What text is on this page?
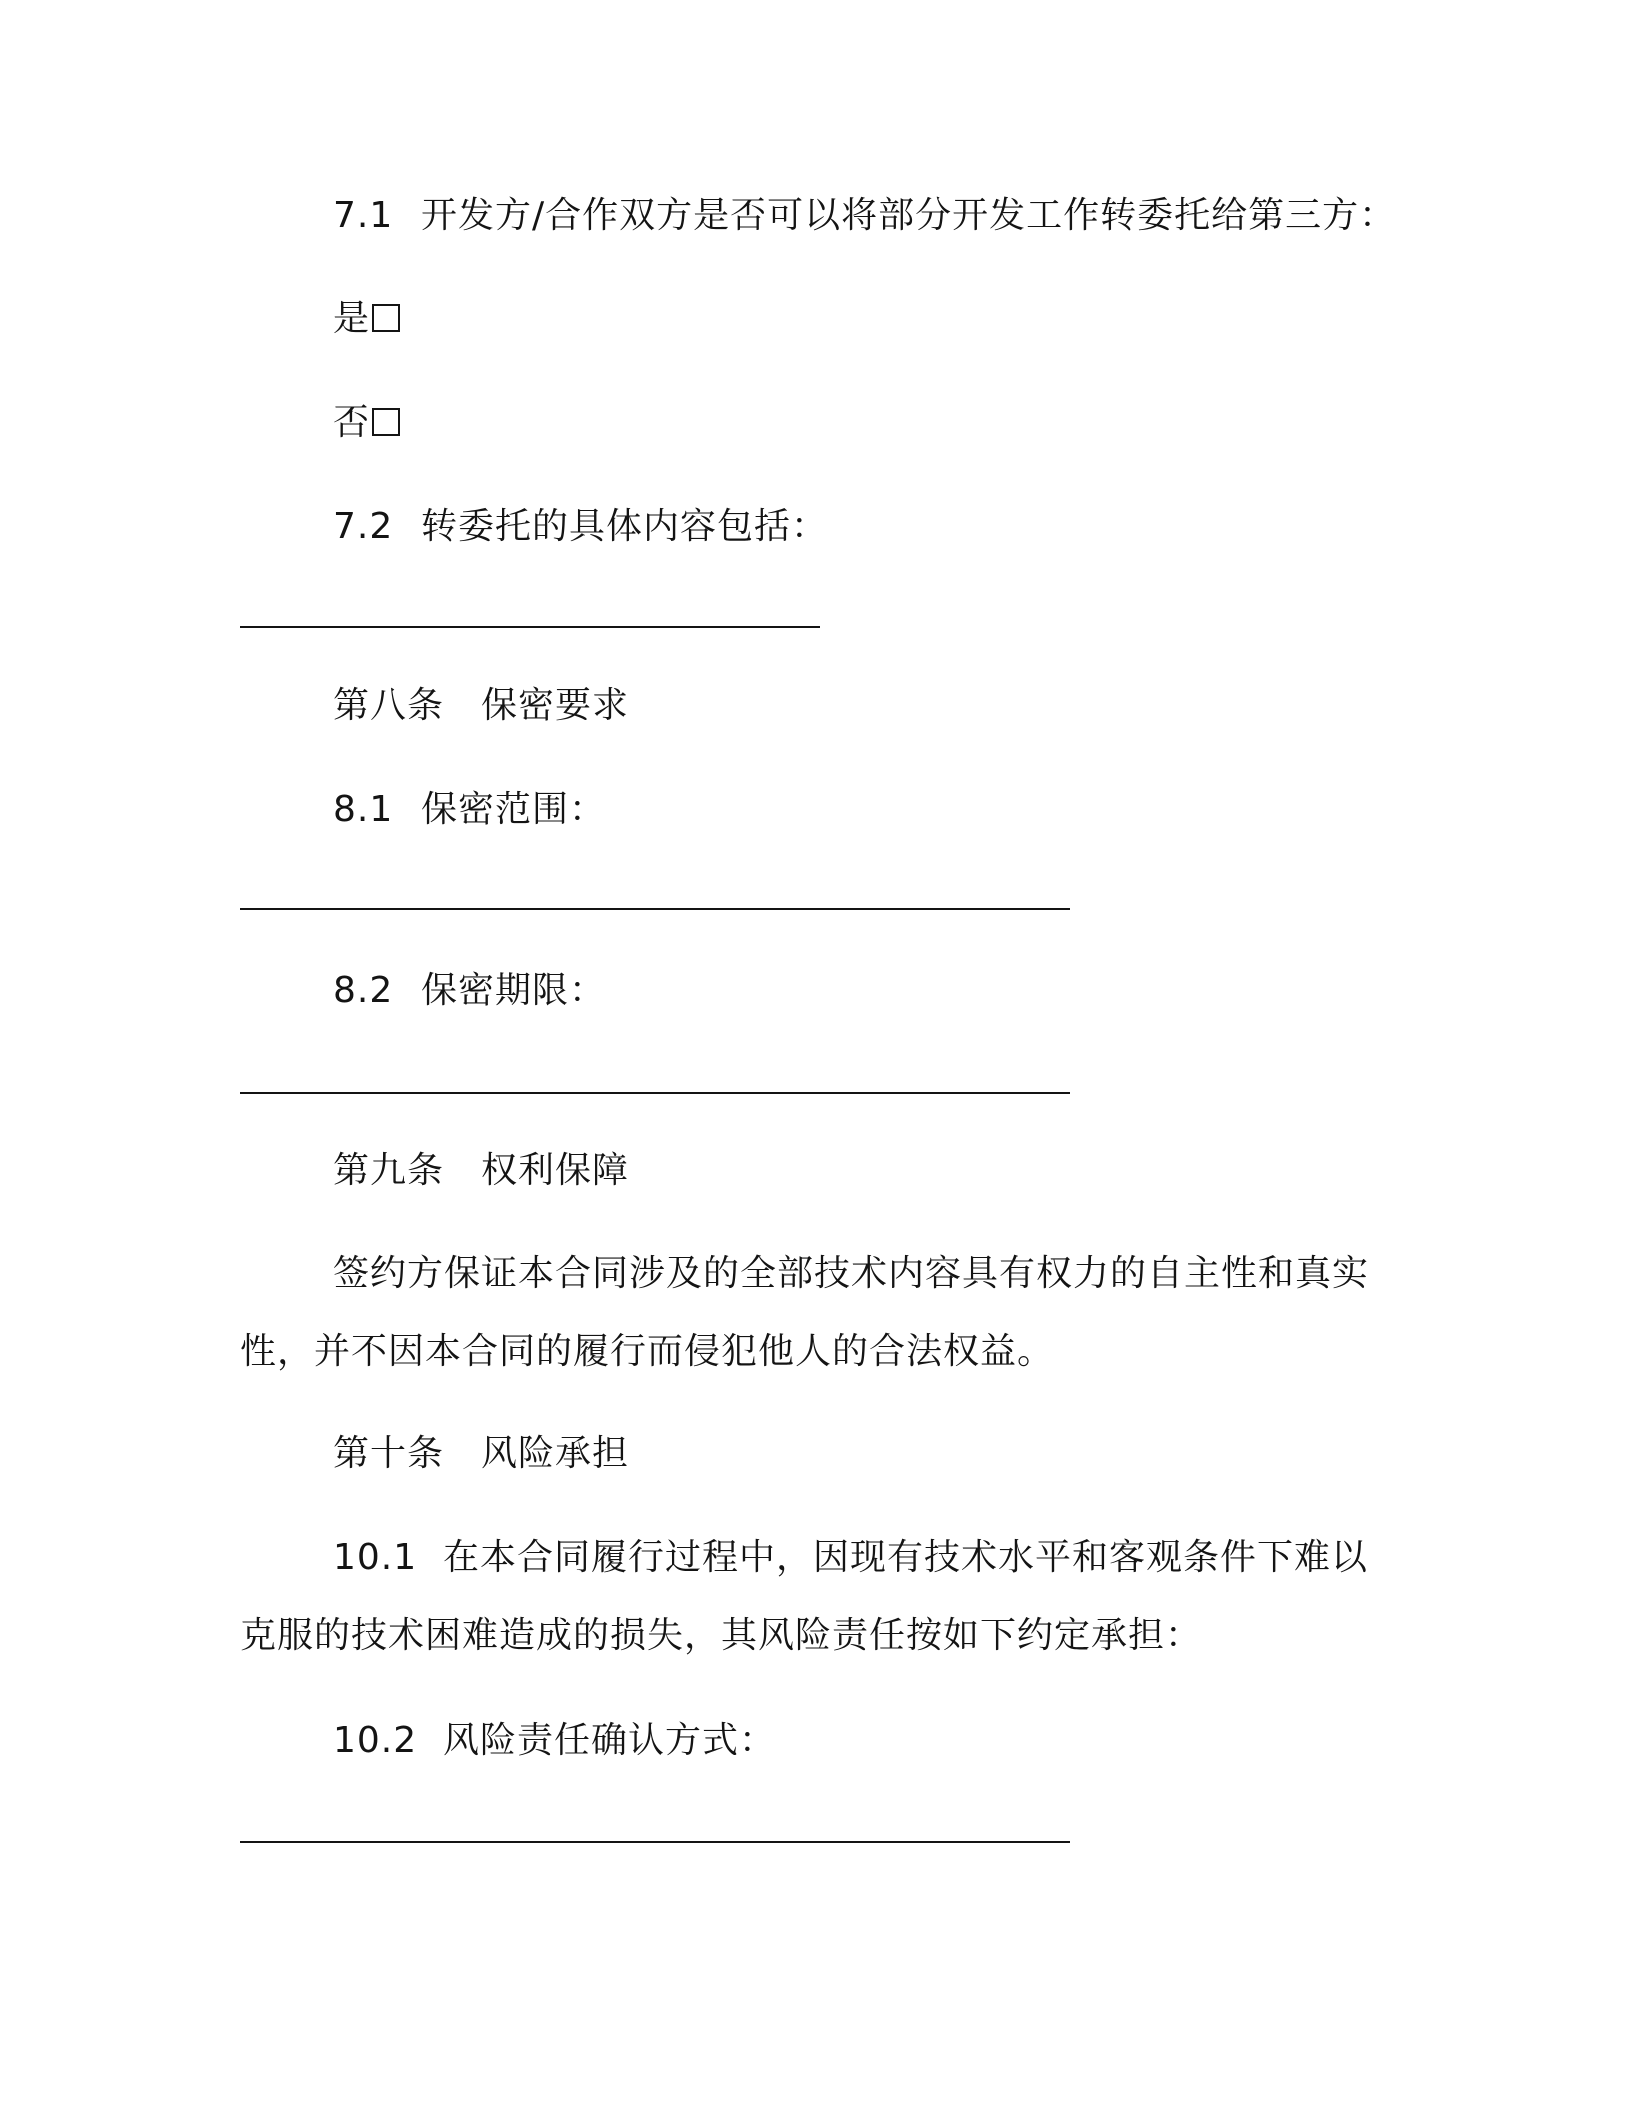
7.1 开发方/合作双方是否可以将部分开发工作转委托给第三方：
是
否
7.2 转委托的具体内容包括：
第八条　保密要求
8.1 保密范围：
8.2 保密期限：
第九条　权利保障
签约方保证本合同涉及的全部技术内容具有权力的自主性和真实
性，并不因本合同的履行而侵犯他人的合法权益。
第十条　风险承担
10.1 在本合同履行过程中，因现有技术水平和客观条件下难以
克服的技术困难造成的损失，其风险责任按如下约定承担：
10.2 风险责任确认方式：
